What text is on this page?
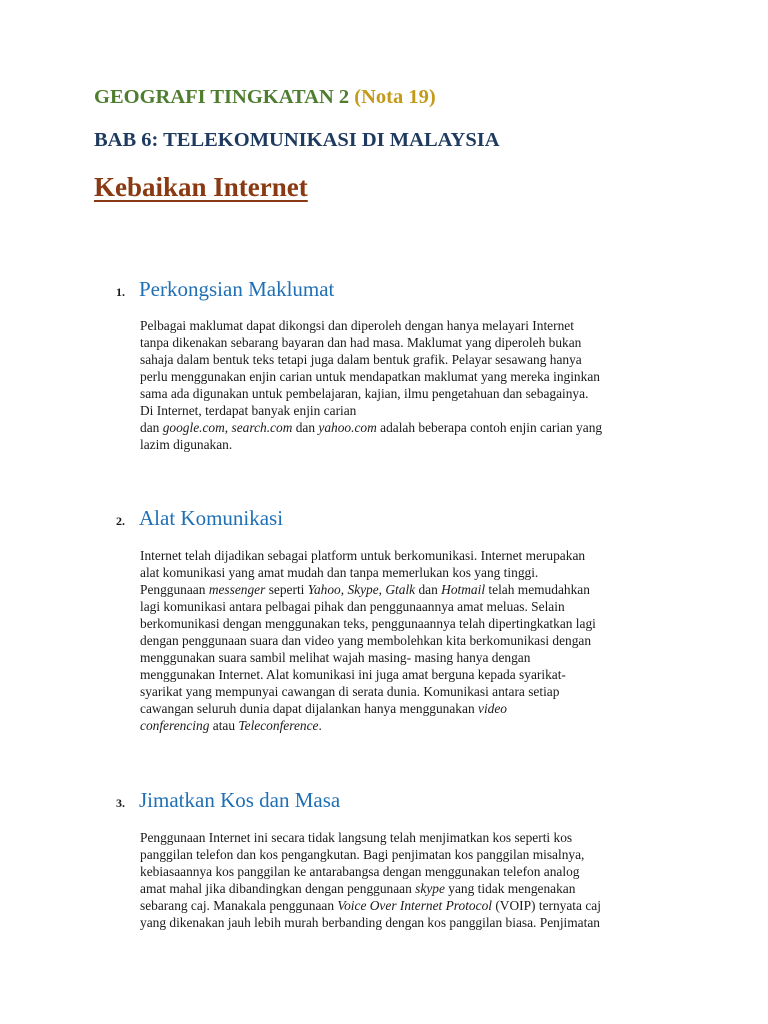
GEOGRAFI TINGKATAN 2 (Nota 19)
BAB 6: TELEKOMUNIKASI DI MALAYSIA
Kebaikan Internet
1. Perkongsian Maklumat
Pelbagai maklumat dapat dikongsi dan diperoleh dengan hanya melayari Internet
tanpa dikenakan sebarang bayaran dan had masa. Maklumat yang diperoleh bukan
sahaja dalam bentuk teks tetapi juga dalam bentuk grafik. Pelayar sesawang hanya
perlu menggunakan enjin carian untuk mendapatkan maklumat yang mereka inginkan
sama ada digunakan untuk pembelajaran, kajian, ilmu pengetahuan dan sebagainya.
Di Internet, terdapat banyak enjin carian
dan google.com, search.com dan yahoo.com adalah beberapa contoh enjin carian yang
lazim digunakan.
2. Alat Komunikasi
Internet telah dijadikan sebagai platform untuk berkomunikasi. Internet merupakan
alat komunikasi yang amat mudah dan tanpa memerlukan kos yang tinggi.
Penggunaan messenger seperti Yahoo, Skype, Gtalk dan Hotmail telah memudahkan
lagi komunikasi antara pelbagai pihak dan penggunaannya amat meluas. Selain
berkomunikasi dengan menggunakan teks, penggunaannya telah dipertingkatkan lagi
dengan penggunaan suara dan video yang membolehkan kita berkomunikasi dengan
menggunakan suara sambil melihat wajah masing- masing hanya dengan
menggunakan Internet. Alat komunikasi ini juga amat berguna kepada syarikat-
syarikat yang mempunyai cawangan di serata dunia. Komunikasi antara setiap
cawangan seluruh dunia dapat dijalankan hanya menggunakan video
conferencing atau Teleconference.
3. Jimatkan Kos dan Masa
Penggunaan Internet ini secara tidak langsung telah menjimatkan kos seperti kos
panggilan telefon dan kos pengangkutan. Bagi penjimatan kos panggilan misalnya,
kebiasaannya kos panggilan ke antarabangsa dengan menggunakan telefon analog
amat mahal jika dibandingkan dengan penggunaan skype yang tidak mengenakan
sebarang caj. Manakala penggunaan Voice Over Internet Protocol (VOIP) ternyata caj
yang dikenakan jauh lebih murah berbanding dengan kos panggilan biasa. Penjimatan
